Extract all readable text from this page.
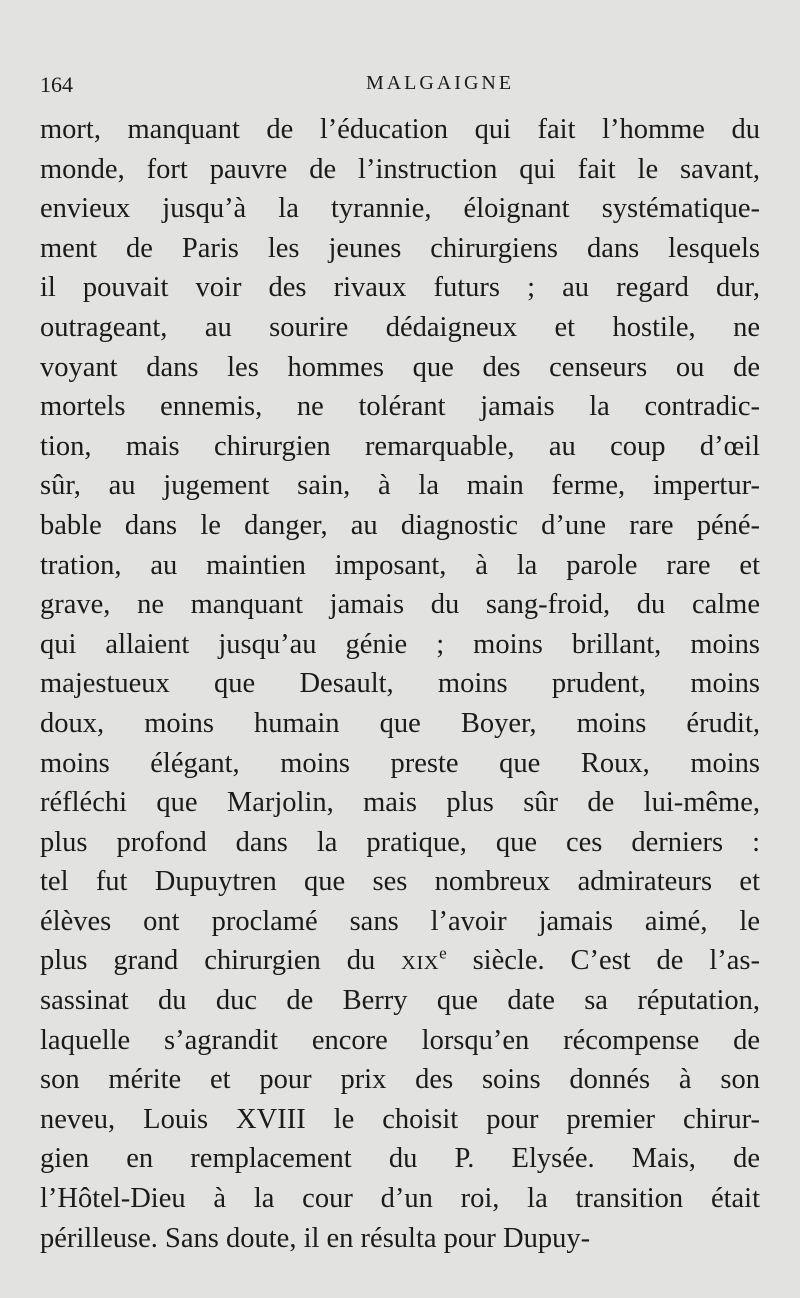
164	MALGAIGNE
mort, manquant de l’éducation qui fait l’homme du
monde, fort pauvre de l’instruction qui fait le savant,
envieux jusqu’à la tyrannie, éloignant systématique-
ment de Paris les jeunes chirurgiens dans lesquels
il pouvait voir des rivaux futurs ; au regard dur,
outrageant, au sourire dédaigneux et hostile, ne
voyant dans les hommes que des censeurs ou de
mortels ennemis, ne tolérant jamais la contradic-
tion, mais chirurgien remarquable, au coup d’œil
sûr, au jugement sain, à la main ferme, impertur-
bable dans le danger, au diagnostic d’une rare péné-
tration, au maintien imposant, à la parole rare et
grave, ne manquant jamais du sang-froid, du calme
qui allaient jusqu’au génie ; moins brillant, moins
majestueux que Desault, moins prudent, moins
doux, moins humain que Boyer, moins érudit,
moins élégant, moins preste que Roux, moins
réfléchi que Marjolin, mais plus sûr de lui-même,
plus profond dans la pratique, que ces derniers :
tel fut Dupuytren que ses nombreux admirateurs et
élèves ont proclamé sans l’avoir jamais aimé, le
plus grand chirurgien du XIXe siècle. C’est de l’as-
sassinat du duc de Berry que date sa réputation,
laquelle s’agrandit encore lorsqu’en récompense de
son mérite et pour prix des soins donnés à son
neveu, Louis XVIII le choisit pour premier chirur-
gien en remplacement du P. Elysée. Mais, de
l’Hôtel-Dieu à la cour d’un roi, la transition était
périlleuse. Sans doute, il en résulta pour Dupuy-
